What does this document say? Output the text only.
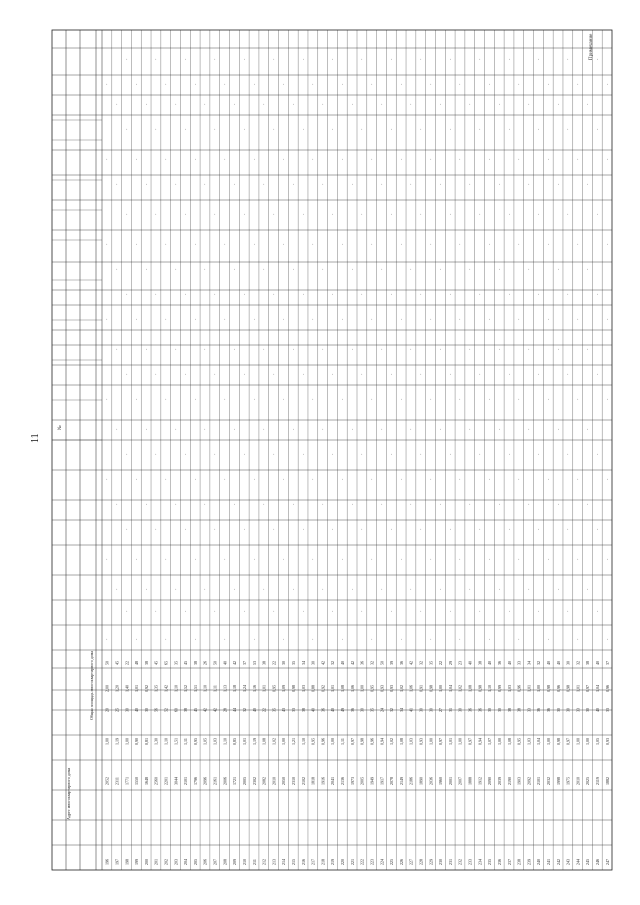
196
2052
1,00
20
2,00
50
·
·
·
·
·
·
·
·
197
2311
1,19
25
1,20
45
·
·
·
·
·
·
·
198
1771
1,00
30
1,40
22
·
·
·
·
·
·
·
·
199
1550
0,90
40
1,01
48
·
·
·
·
·
·
·
·
200
1648
0,81
30
0,92
38
·
·
·
·
·
·
·
201
2560
1,30
56
1,35
45
·
·
·
·
·
·
·
·
202
2201
1,10
52
1,42
65
·
·
·
·
·
·
·
·
203
3044
1,51
60
1,10
35
·
·
·
·
·
·
·
204
2101
1,11
38
1,52
45
·
·
·
·
·
·
·
·
205
1796
0,95
45
1,51
38
·
·
·
·
·
·
·
·
206
2096
1,05
42
1,10
26
·
·
·
·
·
·
·
207
2161
1,03
42
1,11
50
·
·
·
·
·
·
·
·
208
2006
1,10
28
1,13
40
·
·
·
·
·
·
·
·
209
1721
0,85
44
1,18
42
·
·
·
·
·
·
·
210
2005
1,01
32
1,24
37
·
·
·
·
·
·
·
·
211
2302
1,19
40
1,16
53
·
·
·
·
·
·
·
·
212
2082
1,08
22
1,01
38
·
·
·
·
·
·
·
213
2010
1,02
35
0,95
22
·
·
·
·
·
·
·
·
214
2050
1,00
43
1,09
30
·
·
·
·
·
·
·
·
215
2310
1,21
33
0,98
35
·
·
·
·
·
·
·
216
2102
1,10
38
1,03
34
·
·
·
·
·
·
·
·
217
1818
0,95
40
0,88
30
·
·
·
·
·
·
·
·
218
1916
0,96
36
0,92
42
·
·
·
·
·
·
·
219
2041
1,00
40
1,01
32
·
·
·
·
·
·
·
·
220
2136
1,11
49
1,08
40
·
·
·
·
·
·
·
·
221
1973
0,97
36
1,06
42
·
·
·
·
·
·
·
222
2005
0,98
30
1,00
36
·
·
·
·
·
·
·
·
223
1949
0,96
35
0,95
32
·
·
·
·
·
·
·
·
224
1917
0,94
24
0,93
50
·
·
·
·
·
·
·
225
2078
1,02
32
0,93
39
·
·
·
·
·
·
·
·
226
2149
1,08
34
1,02
36
·
·
·
·
·
·
·
·
227
2186
1,03
41
1,06
42
·
·
·
·
·
·
·
228
1890
0,93
30
0,91
32
·
·
·
·
·
·
·
·
229
2036
1,00
30
0,98
35
·
·
·
·
·
·
·
·
230
1960
0,97
27
1,00
22
·
·
·
·
·
·
·
231
2001
1,01
31
1,04
29
·
·
·
·
·
·
·
·
232
2007
1,00
30
1,02
23
·
·
·
·
·
·
·
·
233
1888
0,97
36
1,08
40
·
·
·
·
·
·
·
234
1912
0,94
36
0,98
38
·
·
·
·
·
·
·
·
235
2090
1,07
30
1,10
40
·
·
·
·
·
·
·
·
236
2039
1,00
30
0,99
36
·
·
·
·
·
·
·
237
2190
1,08
38
1,03
40
·
·
·
·
·
·
·
·
238
1903
0,95
38
0,96
33
·
·
·
·
·
·
·
·
239
2092
1,03
33
1,01
34
·
·
·
·
·
·
·
240
2101
1,04
36
1,00
32
·
·
·
·
·
·
·
·
241
2032
1,00
36
0,98
40
·
·
·
·
·
·
·
·
242
1998
0,98
30
0,96
40
·
·
·
·
·
·
·
243
1975
0,97
30
0,98
30
·
·
·
·
·
·
·
·
244
2010
1,00
33
1,01
32
·
·
·
·
·
·
·
·
245
2025
1,00
30
0,97
38
·
·
·
·
·
·
·
246
2119
1,05
40
1,04
40
·
·
·
·
·
·
·
·
247
1882
0,93
33
0,96
37
·
·
·
·
·
·
·
·
№
Адрес многоквартирного дома
Общая площадь многоквартирного дома
Примечание
11
